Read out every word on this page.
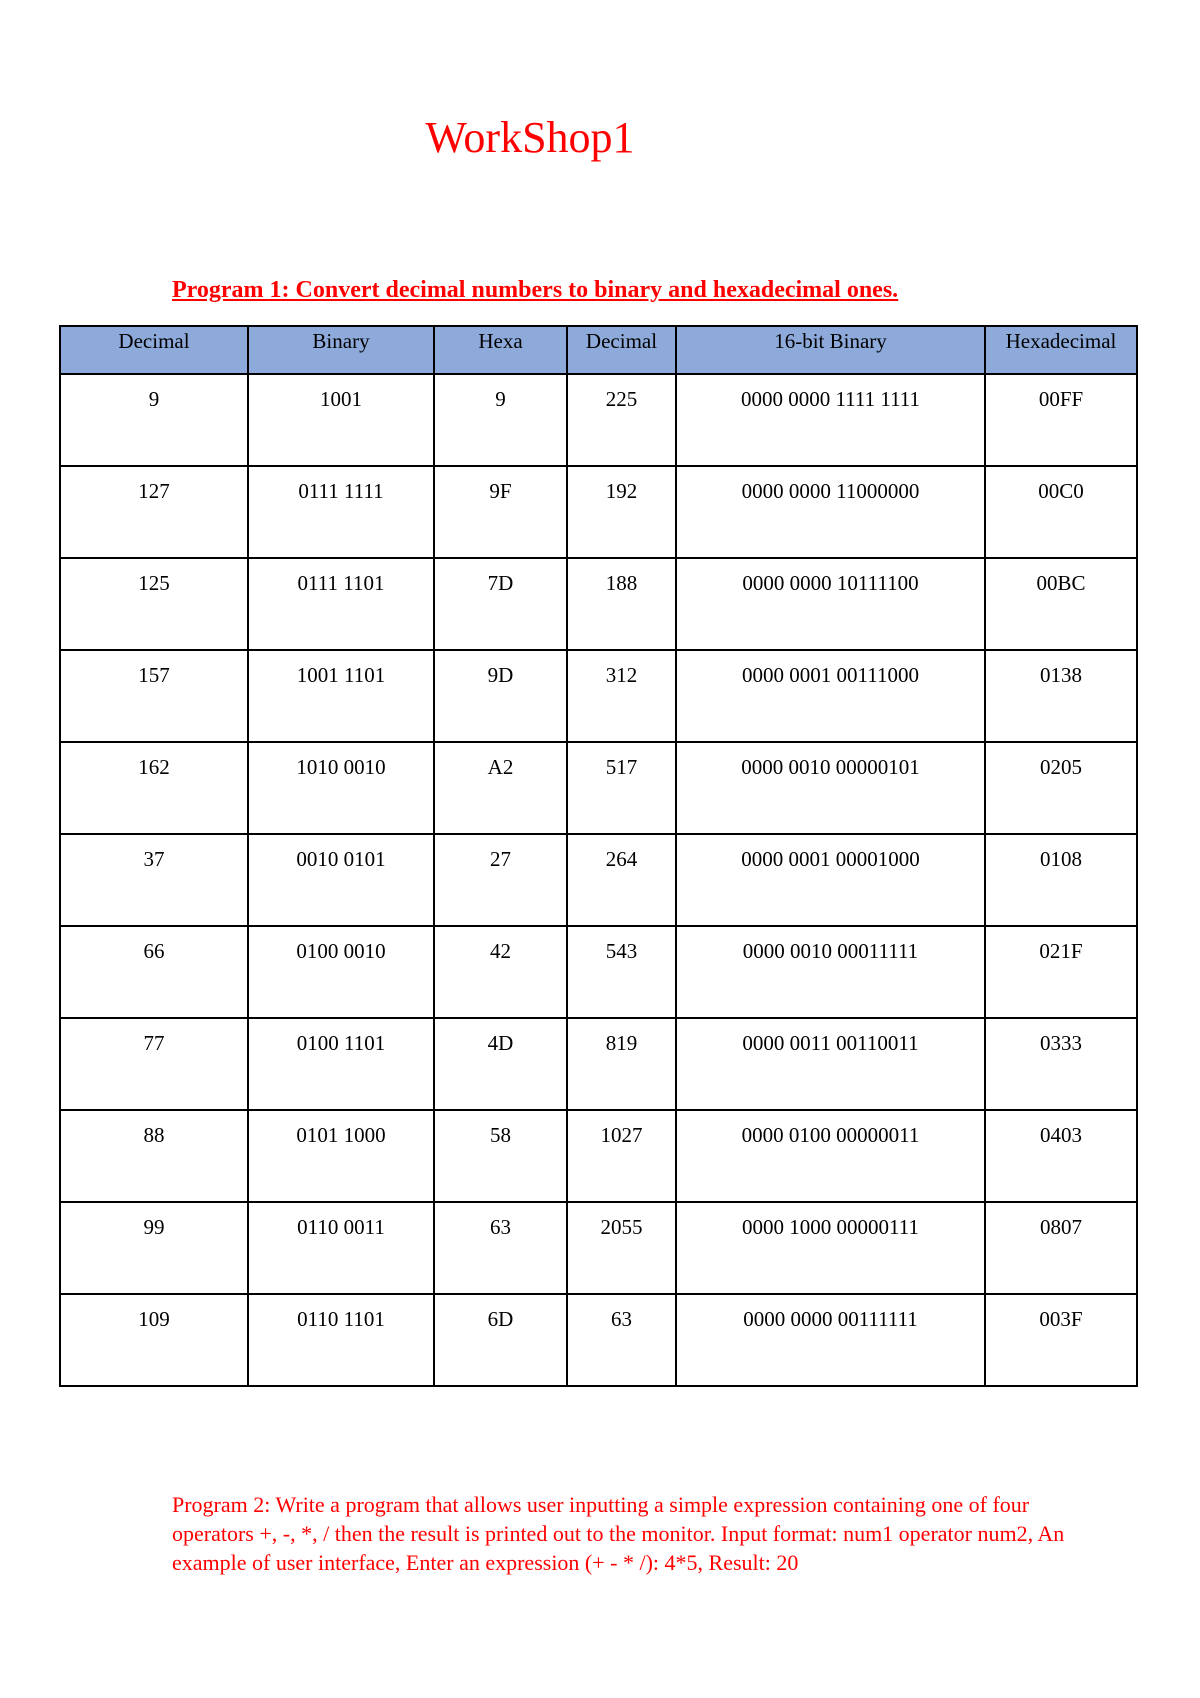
WorkShop1

Program 1: Convert decimal numbers to binary and hexadecimal ones.

Decimal	Binary	Hexa	Decimal	16-bit Binary	Hexadecimal
9	1001	9	225	0000 0000 1111 1111	00FF
127	0111 1111	9F	192	0000 0000 11000000	00C0
125	0111 1101	7D	188	0000 0000 10111100	00BC
157	1001 1101	9D	312	0000 0001 00111000	0138
162	1010 0010	A2	517	0000 0010 00000101	0205
37	0010 0101	27	264	0000 0001 00001000	0108
66	0100 0010	42	543	0000 0010 00011111	021F
77	0100 1101	4D	819	0000 0011 00110011	0333
88	0101 1000	58	1027	0000 0100 00000011	0403
99	0110 0011	63	2055	0000 1000 00000111	0807
109	0110 1101	6D	63	0000 0000 00111111	003F

Program 2: Write a program that allows user inputting a simple expression containing one of four operators +, -, *, / then the result is printed out to the monitor. Input format: num1 operator num2, An example of user interface, Enter an expression (+ - * /): 4*5, Result: 20
